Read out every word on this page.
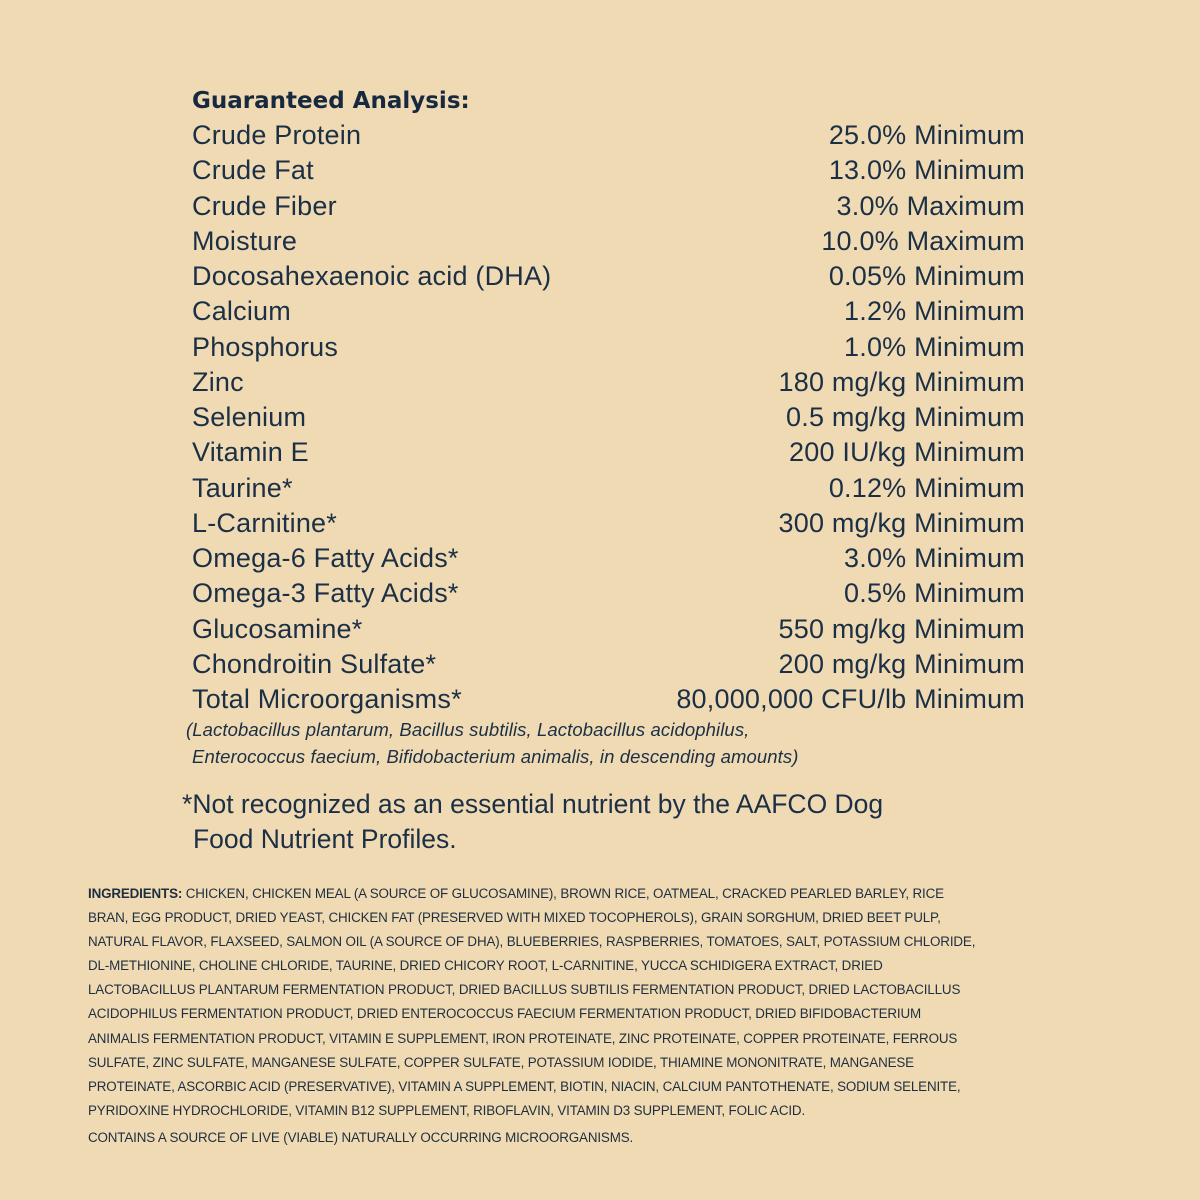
Guaranteed Analysis:
Crude Protein	25.0% Minimum
Crude Fat	13.0% Minimum
Crude Fiber	3.0% Maximum
Moisture	10.0% Maximum
Docosahexaenoic acid (DHA)	0.05% Minimum
Calcium	1.2% Minimum
Phosphorus	1.0% Minimum
Zinc	180 mg/kg Minimum
Selenium	0.5 mg/kg Minimum
Vitamin E	200 IU/kg Minimum
Taurine*	0.12% Minimum
L-Carnitine*	300 mg/kg Minimum
Omega-6 Fatty Acids*	3.0% Minimum
Omega-3 Fatty Acids*	0.5% Minimum
Glucosamine*	550 mg/kg Minimum
Chondroitin Sulfate*	200 mg/kg Minimum
Total Microorganisms*	80,000,000 CFU/lb Minimum
(Lactobacillus plantarum, Bacillus subtilis, Lactobacillus acidophilus,
Enterococcus faecium, Bifidobacterium animalis, in descending amounts)
*Not recognized as an essential nutrient by the AAFCO Dog
Food Nutrient Profiles.
INGREDIENTS: CHICKEN, CHICKEN MEAL (A SOURCE OF GLUCOSAMINE), BROWN RICE, OATMEAL, CRACKED PEARLED BARLEY, RICE
BRAN, EGG PRODUCT, DRIED YEAST, CHICKEN FAT (PRESERVED WITH MIXED TOCOPHEROLS), GRAIN SORGHUM, DRIED BEET PULP,
NATURAL FLAVOR, FLAXSEED, SALMON OIL (A SOURCE OF DHA), BLUEBERRIES, RASPBERRIES, TOMATOES, SALT, POTASSIUM CHLORIDE,
DL-METHIONINE, CHOLINE CHLORIDE, TAURINE, DRIED CHICORY ROOT, L-CARNITINE, YUCCA SCHIDIGERA EXTRACT, DRIED
LACTOBACILLUS PLANTARUM FERMENTATION PRODUCT, DRIED BACILLUS SUBTILIS FERMENTATION PRODUCT, DRIED LACTOBACILLUS
ACIDOPHILUS FERMENTATION PRODUCT, DRIED ENTEROCOCCUS FAECIUM FERMENTATION PRODUCT, DRIED BIFIDOBACTERIUM
ANIMALIS FERMENTATION PRODUCT, VITAMIN E SUPPLEMENT, IRON PROTEINATE, ZINC PROTEINATE, COPPER PROTEINATE, FERROUS
SULFATE, ZINC SULFATE, MANGANESE SULFATE, COPPER SULFATE, POTASSIUM IODIDE, THIAMINE MONONITRATE, MANGANESE
PROTEINATE, ASCORBIC ACID (PRESERVATIVE), VITAMIN A SUPPLEMENT, BIOTIN, NIACIN, CALCIUM PANTOTHENATE, SODIUM SELENITE,
PYRIDOXINE HYDROCHLORIDE, VITAMIN B12 SUPPLEMENT, RIBOFLAVIN, VITAMIN D3 SUPPLEMENT, FOLIC ACID.
CONTAINS A SOURCE OF LIVE (VIABLE) NATURALLY OCCURRING MICROORGANISMS.
